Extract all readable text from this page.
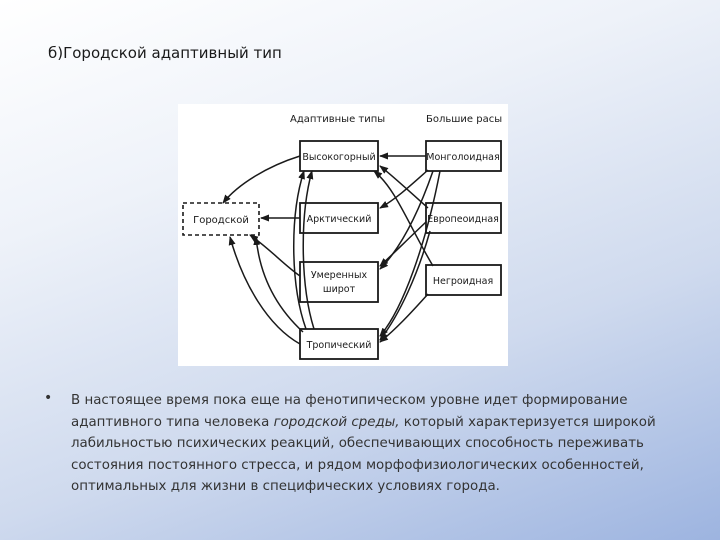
б)Городской адаптивный тип
Адаптивные типы	Большие расы
Городской
Высокогорный
Арктический
Умеренных
широт
Тропический
Монголоидная
Европеоидная
Негроидная
• В настоящее время пока еще на фенотипическом уровне идет формирование адаптивного типа человека городской среды, который характеризуется широкой лабильностью психических реакций, обеспечивающих способность переживать состояния постоянного стресса, и рядом морфофизиологических особенностей, оптимальных для жизни в специфических условиях города.
